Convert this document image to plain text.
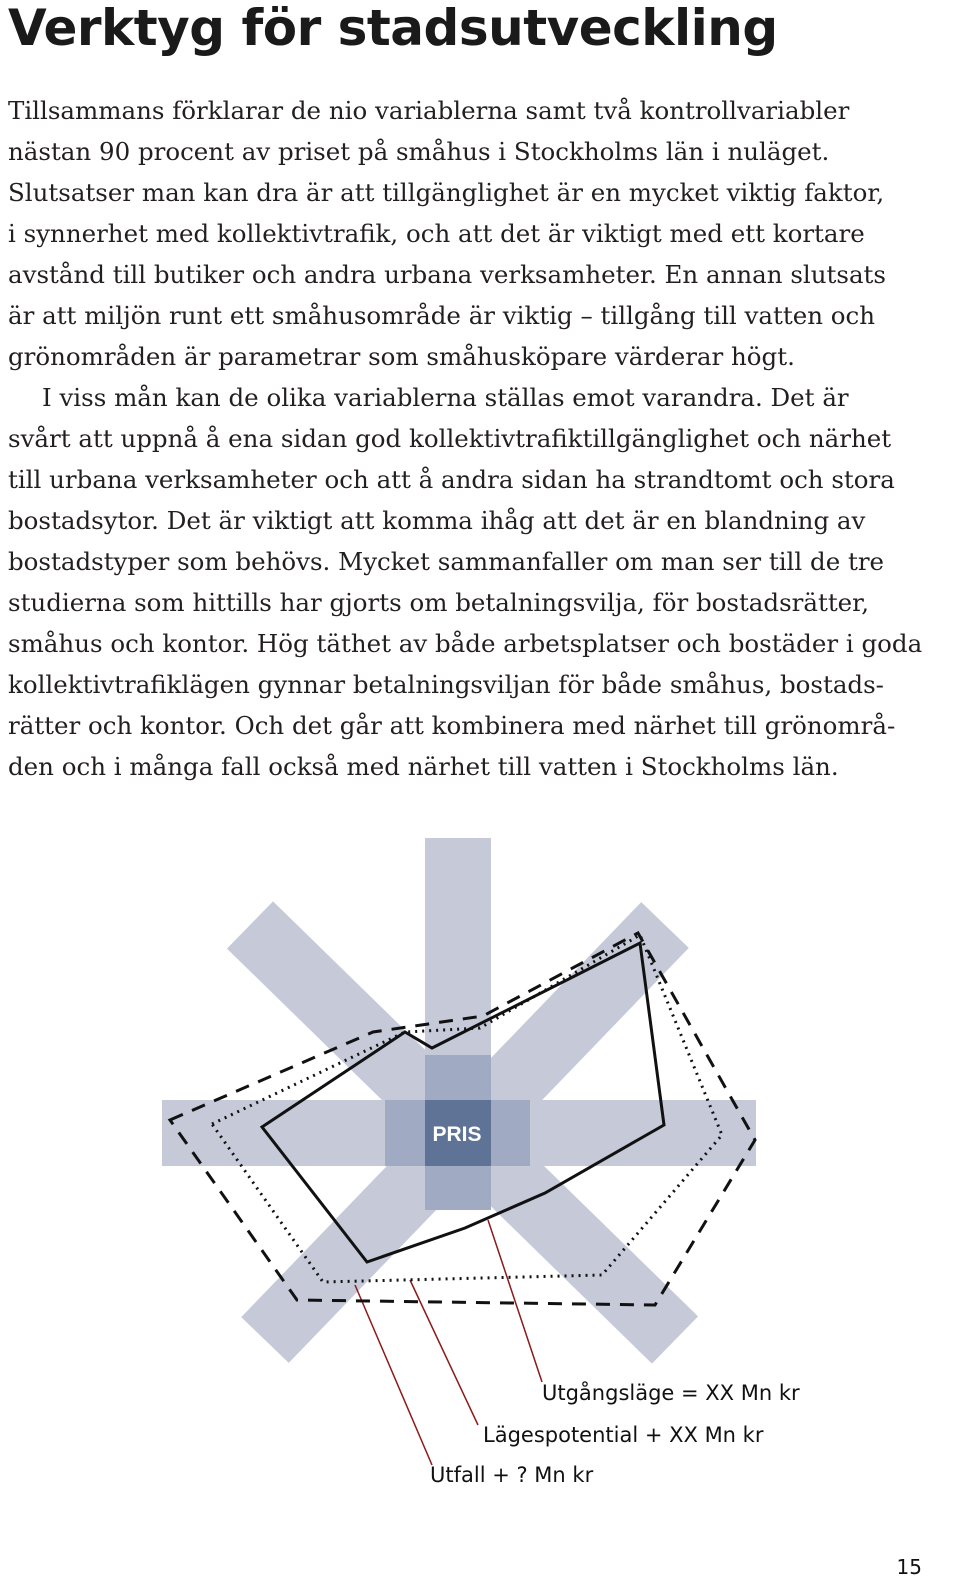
Verktyg för stadsutveckling

Tillsammans förklarar de nio variablerna samt två kontrollvariabler
nästan 90 procent av priset på småhus i Stockholms län i nuläget.
Slutsatser man kan dra är att tillgänglighet är en mycket viktig faktor,
i synnerhet med kollektivtrafik, och att det är viktigt med ett kortare
avstånd till butiker och andra urbana verksamheter. En annan slutsats
är att miljön runt ett småhusområde är viktig – tillgång till vatten och
grönområden är parametrar som småhusköpare värderar högt.

I viss mån kan de olika variablerna ställas emot varandra. Det är
svårt att uppnå å ena sidan god kollektivtrafiktillgänglighet och närhet
till urbana verksamheter och att å andra sidan ha strandtomt och stora
bostadsytor. Det är viktigt att komma ihåg att det är en blandning av
bostadstyper som behövs. Mycket sammanfaller om man ser till de tre
studierna som hittills har gjorts om betalningsvilja, för bostadsrätter,
småhus och kontor. Hög täthet av både arbetsplatser och bostäder i goda
kollektivtrafiklägen gynnar betalningsviljan för både småhus, bostads-
rätter och kontor. Och det går att kombinera med närhet till grönområ-
den och i många fall också med närhet till vatten i Stockholms län.

PRIS
Utgångsläge = XX Mn kr
Lägespotential + XX Mn kr
Utfall + ? Mn kr
15
